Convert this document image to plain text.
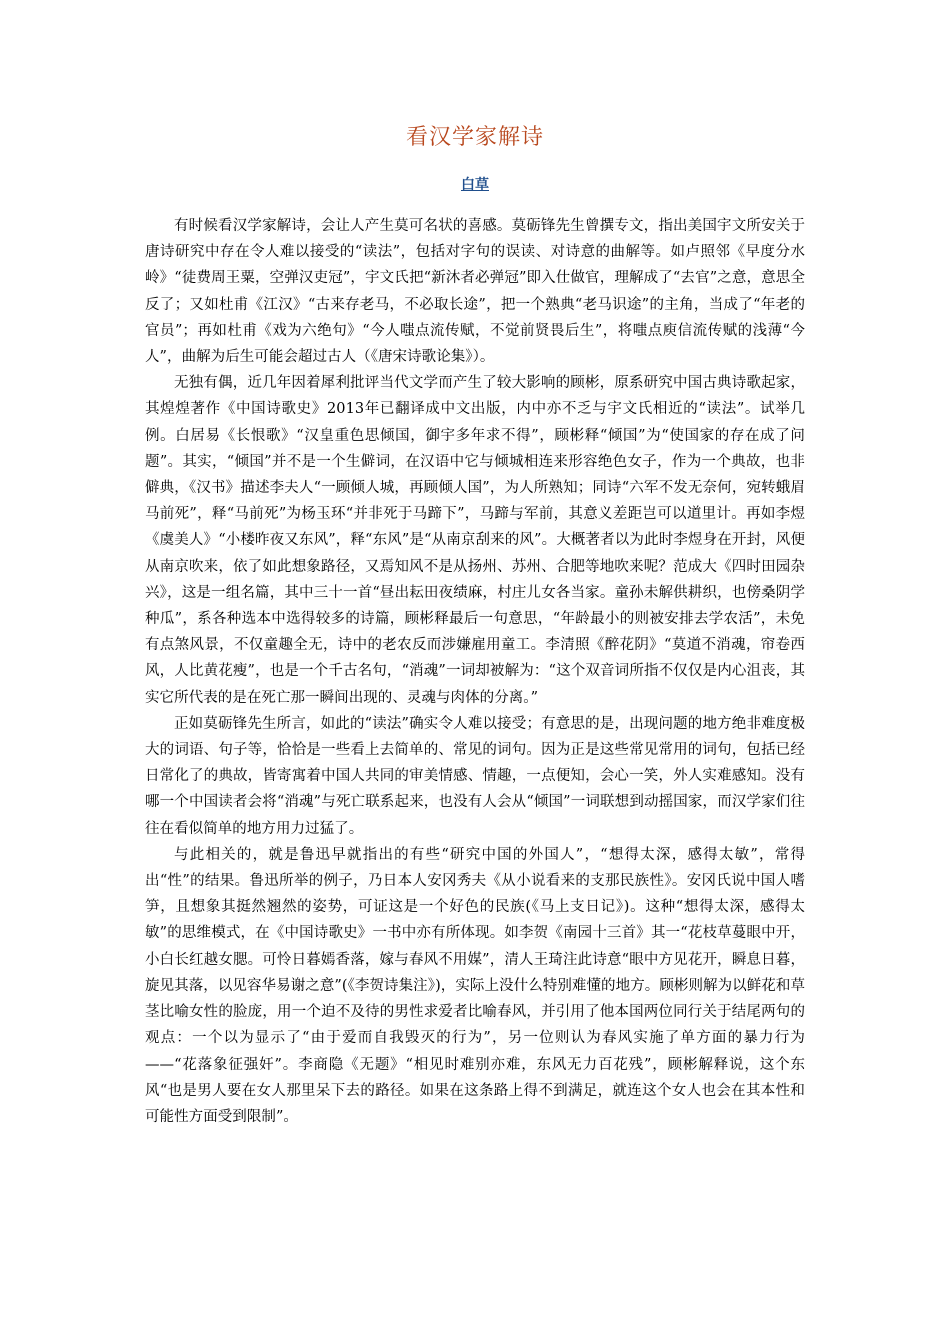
看汉学家解诗
白草

有时候看汉学家解诗，会让人产生莫可名状的喜感。莫砺锋先生曾撰专文，指出美国宇文所安关于唐诗研究中存在令人难以接受的“读法”，包括对字句的误读、对诗意的曲解等。如卢照邻《早度分水岭》“徒费周王粟，空弹汉吏冠”，宇文氏把“新沐者必弹冠”即入仕做官，理解成了“去官”之意，意思全反了；又如杜甫《江汉》“古来存老马，不必取长途”，把一个熟典“老马识途”的主角，当成了“年老的官员”；再如杜甫《戏为六绝句》“今人嗤点流传赋，不觉前贤畏后生”，将嗤点庾信流传赋的浅薄“今人”，曲解为后生可能会超过古人（《唐宋诗歌论集》）。

无独有偶，近几年因着犀利批评当代文学而产生了较大影响的顾彬，原系研究中国古典诗歌起家，其煌煌著作《中国诗歌史》2013年已翻译成中文出版，内中亦不乏与宇文氏相近的“读法”。试举几例。白居易《长恨歌》“汉皇重色思倾国，御宇多年求不得”，顾彬释“倾国”为“使国家的存在成了问题”。其实，“倾国”并不是一个生僻词，在汉语中它与倾城相连来形容绝色女子，作为一个典故，也非僻典，《汉书》描述李夫人“一顾倾人城，再顾倾人国”，为人所熟知；同诗“六军不发无奈何，宛转蛾眉马前死”，释“马前死”为杨玉环“并非死于马蹄下”，马蹄与军前，其意义差距岂可以道里计。再如李煜《虞美人》“小楼昨夜又东风”，释“东风”是“从南京刮来的风”。大概著者以为此时李煜身在开封，风便从南京吹来，依了如此想象路径，又焉知风不是从扬州、苏州、合肥等地吹来呢？范成大《四时田园杂兴》，这是一组名篇，其中三十一首“昼出耘田夜绩麻，村庄儿女各当家。童孙未解供耕织，也傍桑阴学种瓜”，系各种选本中选得较多的诗篇，顾彬释最后一句意思，“年龄最小的则被安排去学农活”，未免有点煞风景，不仅童趣全无，诗中的老农反而涉嫌雇用童工。李清照《醉花阴》“莫道不消魂，帘卷西风，人比黄花瘦”，也是一个千古名句，“消魂”一词却被解为：“这个双音词所指不仅仅是内心沮丧，其实它所代表的是在死亡那一瞬间出现的、灵魂与肉体的分离。”

正如莫砺锋先生所言，如此的“读法”确实令人难以接受；有意思的是，出现问题的地方绝非难度极大的词语、句子等，恰恰是一些看上去简单的、常见的词句。因为正是这些常见常用的词句，包括已经日常化了的典故，皆寄寓着中国人共同的审美情感、情趣，一点便知，会心一笑，外人实难感知。没有哪一个中国读者会将“消魂”与死亡联系起来，也没有人会从“倾国”一词联想到动摇国家，而汉学家们往往在看似简单的地方用力过猛了。

与此相关的，就是鲁迅早就指出的有些“研究中国的外国人”，“想得太深，感得太敏”，常得出“性”的结果。鲁迅所举的例子，乃日本人安冈秀夫《从小说看来的支那民族性》。安冈氏说中国人嗜笋，且想象其挺然翘然的姿势，可证这是一个好色的民族(《马上支日记》)。这种“想得太深，感得太敏”的思维模式，在《中国诗歌史》一书中亦有所体现。如李贺《南园十三首》其一“花枝草蔓眼中开，小白长红越女腮。可怜日暮嫣香落，嫁与春风不用媒”，清人王琦注此诗意“眼中方见花开，瞬息日暮，旋见其落，以见容华易谢之意”(《李贺诗集注》)，实际上没什么特别难懂的地方。顾彬则解为以鲜花和草茎比喻女性的脸庞，用一个迫不及待的男性求爱者比喻春风，并引用了他本国两位同行关于结尾两句的观点：一个以为显示了“由于爱而自我毁灭的行为”，另一位则认为春风实施了单方面的暴力行为——“花落象征强奸”。李商隐《无题》“相见时难别亦难，东风无力百花残”，顾彬解释说，这个东风“也是男人要在女人那里呆下去的路径。如果在这条路上得不到满足，就连这个女人也会在其本性和可能性方面受到限制”。
